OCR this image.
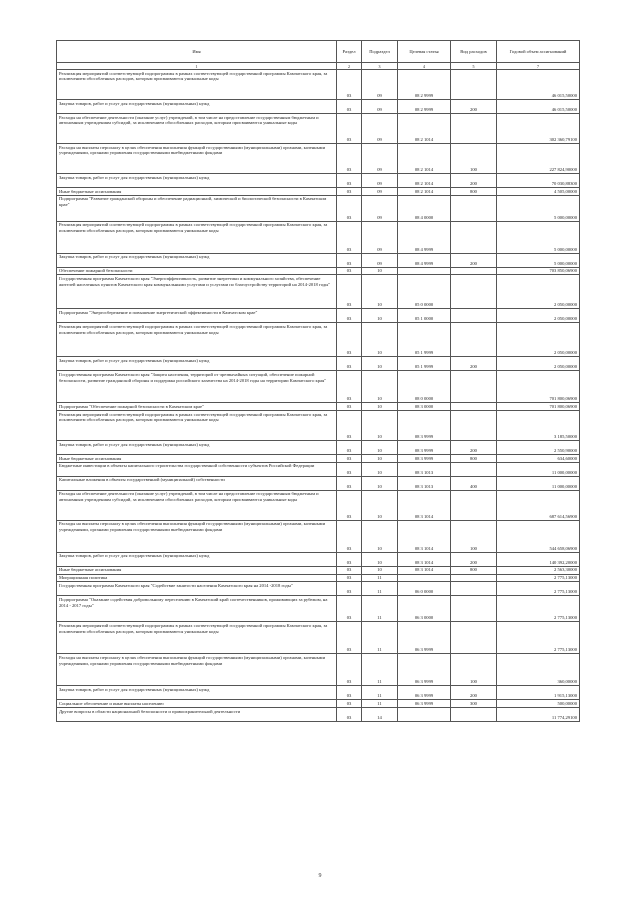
Имя	Раздел	Подраздел	Целевая статья	Вид расходов	Годовой объем ассигнований
1	2	3	4	5	7
Реализация мероприятий соответствующей подпрограммы в рамках соответствующей государственной программы Камчатского края, за исключением обособленных расходов, которым присваиваются уникальные коды	03	09	08 2 9999		46 015,50000
Закупка товаров, работ и услуг для государственных (муниципальных) нужд	03	09	08 2 9999	200	46 015,50000
Расходы на обеспечение деятельности (оказание услуг) учреждений, в том числе на предоставление государственным бюджетным и автономным учреждениям субсидий, за исключением обособленных расходов, которым присваиваются уникальные коды	03	09	08 2 1014		302 360,79100
Расходы на выплаты персоналу в целях обеспечения выполнения функций государственными (муниципальными) органами, казенными учреждениями, органами управления государственными внебюджетными фондами	03	09	08 2 1014	100	227 824,90000
Закупка товаров, работ и услуг для государственных (муниципальных) нужд	03	09	08 2 1014	200	70 030,88300
Иные бюджетные ассигнования	03	09	08 2 1014	800	4 505,00000
Подпрограмма "Развитие гражданской обороны и обеспечение радиационной, химической и биологической безопасности в Камчатском крае"	03	09	08 4 0000		5 000,00000
Реализация мероприятий соответствующей подпрограммы в рамках соответствующей государственной программы Камчатского края, за исключением обособленных расходов, которым присваиваются уникальные коды	03	09	08 4 9999		5 000,00000
Закупка товаров, работ и услуг для государственных (муниципальных) нужд	03	09	08 4 9999	200	5 000,00000
Обеспечение пожарной безопасности	03	10			703 850,06900
Государственная программа Камчатского края "Энергоэффективность, развитие энергетики и коммунального хозяйства, обеспечение жителей населенных пунктов Камчатского края коммунальными услугами и услугами по благоустройству территорий на 2014-2018 годы"	03	10	05 0 0000		2 050,00000
Подпрограмма "Энергосбережение и повышение энергетической эффективности в Камчатском крае"	03	10	05 1 0000		2 050,00000
Реализация мероприятий соответствующей подпрограммы в рамках соответствующей государственной программы Камчатского края, за исключением обособленных расходов, которым присваиваются уникальные коды	03	10	05 1 9999		2 050,00000
Закупка товаров, работ и услуг для государственных (муниципальных) нужд	03	10	05 1 9999	200	2 050,00000
Государственная программа Камчатского края "Защита населения, территорий от чрезвычайных ситуаций, обеспечение пожарной безопасности, развитие гражданской обороны и поддержка российского казачества на 2014-2018 годы на территории Камчатского края"	03	10	08 0 0000		701 800,06900
Подпрограмма "Обеспечение пожарной безопасности в Камчатском крае"	03	10	08 3 0000		701 800,06900
Реализация мероприятий соответствующей подпрограммы в рамках соответствующей государственной программы Камчатского края, за исключением обособленных расходов, которым присваиваются уникальные коды	03	10	08 3 9999		3 185,50000
Закупка товаров, работ и услуг для государственных (муниципальных) нужд	03	10	08 3 9999	200	2 550,90000
Иные бюджетные ассигнования	03	10	08 3 9999	800	634,60000
Бюджетные инвестиции в объекты капитального строительства государственной собственности субъектов Российской Федерации	03	10	08 3 1013		11 000,00000
Капитальные вложения в объекты государственной (муниципальной) собственности	03	10	08 3 1013	400	11 000,00000
Расходы на обеспечение деятельности (оказание услуг) учреждений, в том числе на предоставление государственным бюджетным и автономным учреждениям субсидий, за исключением обособленных расходов, которым присваиваются уникальные коды	03	10	08 3 1014		687 614,56900
Расходы на выплаты персоналу в целях обеспечения выполнения функций государственными (муниципальными) органами, казенными учреждениями, органами управления государственными внебюджетными фондами	03	10	08 3 1014	100	544 658,06900
Закупка товаров, работ и услуг для государственных (муниципальных) нужд	03	10	08 3 1014	200	140 392,20000
Иные бюджетные ассигнования	03	10	08 3 1014	800	2 563,30000
Миграционная политика	03	11			2 775,13000
Государственная программа Камчатского края "Содействие занятости населения Камчатского края на 2014 -2018 годы"	03	11	06 0 0000		2 775,13000
Подпрограмма "Оказание содействия добровольному переселению в Камчатский край соотечественников, проживающих за рубежом, на 2014 - 2017 годы"	03	11	06 3 0000		2 775,13000
Реализация мероприятий соответствующей подпрограммы в рамках соответствующей государственной программы Камчатского края, за исключением обособленных расходов, которым присваиваются уникальные коды	03	11	06 3 9999		2 775,13000
Расходы на выплаты персоналу в целях обеспечения выполнения функций государственными (муниципальными) органами, казенными учреждениями, органами управления государственными внебюджетными фондами	03	11	06 3 9999	100	360,00000
Закупка товаров, работ и услуг для государственных (муниципальных) нужд	03	11	06 3 9999	200	1 915,13000
Социальное обеспечение и иные выплаты населению	03	11	06 3 9999	300	500,00000
Другие вопросы в области национальной безопасности и правоохранительной деятельности	03	14			11 774,29100
9
